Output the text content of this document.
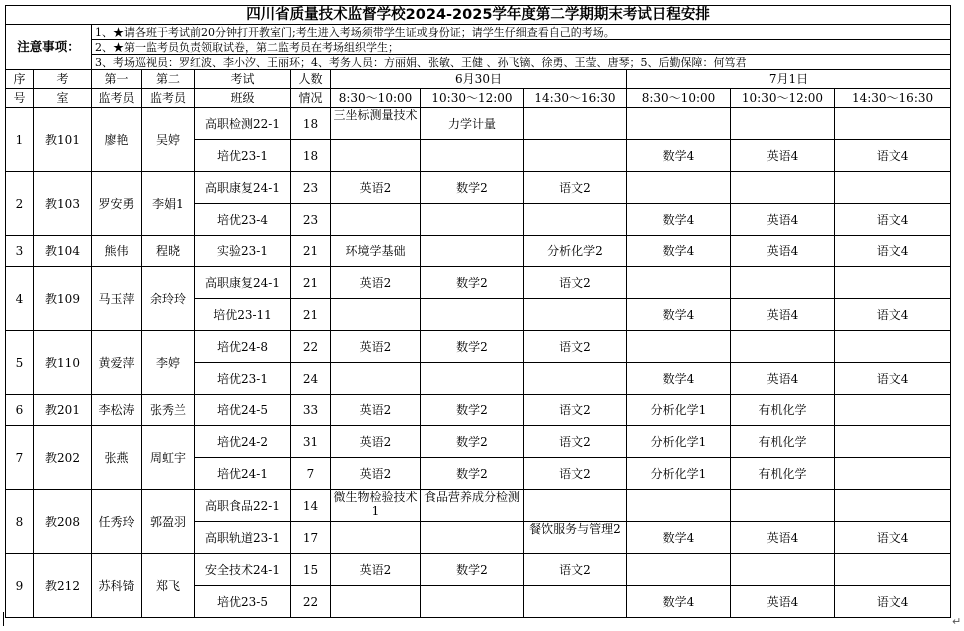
四川省质量技术监督学校2024-2025学年度第二学期期末考试日程安排											
注意事项：		1、★请各班于考试前20分钟打开教室门;考生进入考场须带学生证或身份证；请学生仔细查看自己的考场。									
		2、★第一监考员负责领取试卷，第二监考员在考场组织学生；									
		3、考场巡视员：罗红波、李小汐、王丽环；4、考务人员：方丽娟、张敏、王健 、孙飞镝、徐勇、王莹、唐琴；5、后勤保障：何笃君									
序	考	第一	第二	考试	人数	6月30日			7月1日		
号	室	监考员	监考员	班级	情况	8:30～10:00	10:30～12:00	14:30～16:30	8:30～10:00	10:30～12:00	14:30～16:30
1	教101	廖艳	吴婷	高职检测22-1	18	三坐标测量技术	力学计量				
				培优23-1	18				数学4	英语4	语文4
2	教103	罗安勇	李娟1	高职康复24-1	23	英语2	数学2	语文2			
				培优23-4	23				数学4	英语4	语文4
3	教104	熊伟	程晓	实验23-1	21	环境学基础		分析化学2	数学4	英语4	语文4
4	教109	马玉萍	余玲玲	高职康复24-1	21	英语2	数学2	语文2			
				培优23-11	21				数学4	英语4	语文4
5	教110	黄爱萍	李婷	培优24-8	22	英语2	数学2	语文2			
				培优23-1	24				数学4	英语4	语文4
6	教201	李松涛	张秀兰	培优24-5	33	英语2	数学2	语文2	分析化学1	有机化学	
7	教202	张燕	周虹宇	培优24-2	31	英语2	数学2	语文2	分析化学1	有机化学	
				培优24-1	7	英语2	数学2	语文2	分析化学1	有机化学	
8	教208	任秀玲	郭盈羽	高职食品22-1	14	微生物检验技术1	食品营养成分检测				
				高职轨道23-1	17			餐饮服务与管理2	数学4	英语4	语文4
9	教212	苏科锜	郑飞	安全技术24-1	15	英语2	数学2	语文2			
				培优23-5	22				数学4	英语4	语文4
↵
